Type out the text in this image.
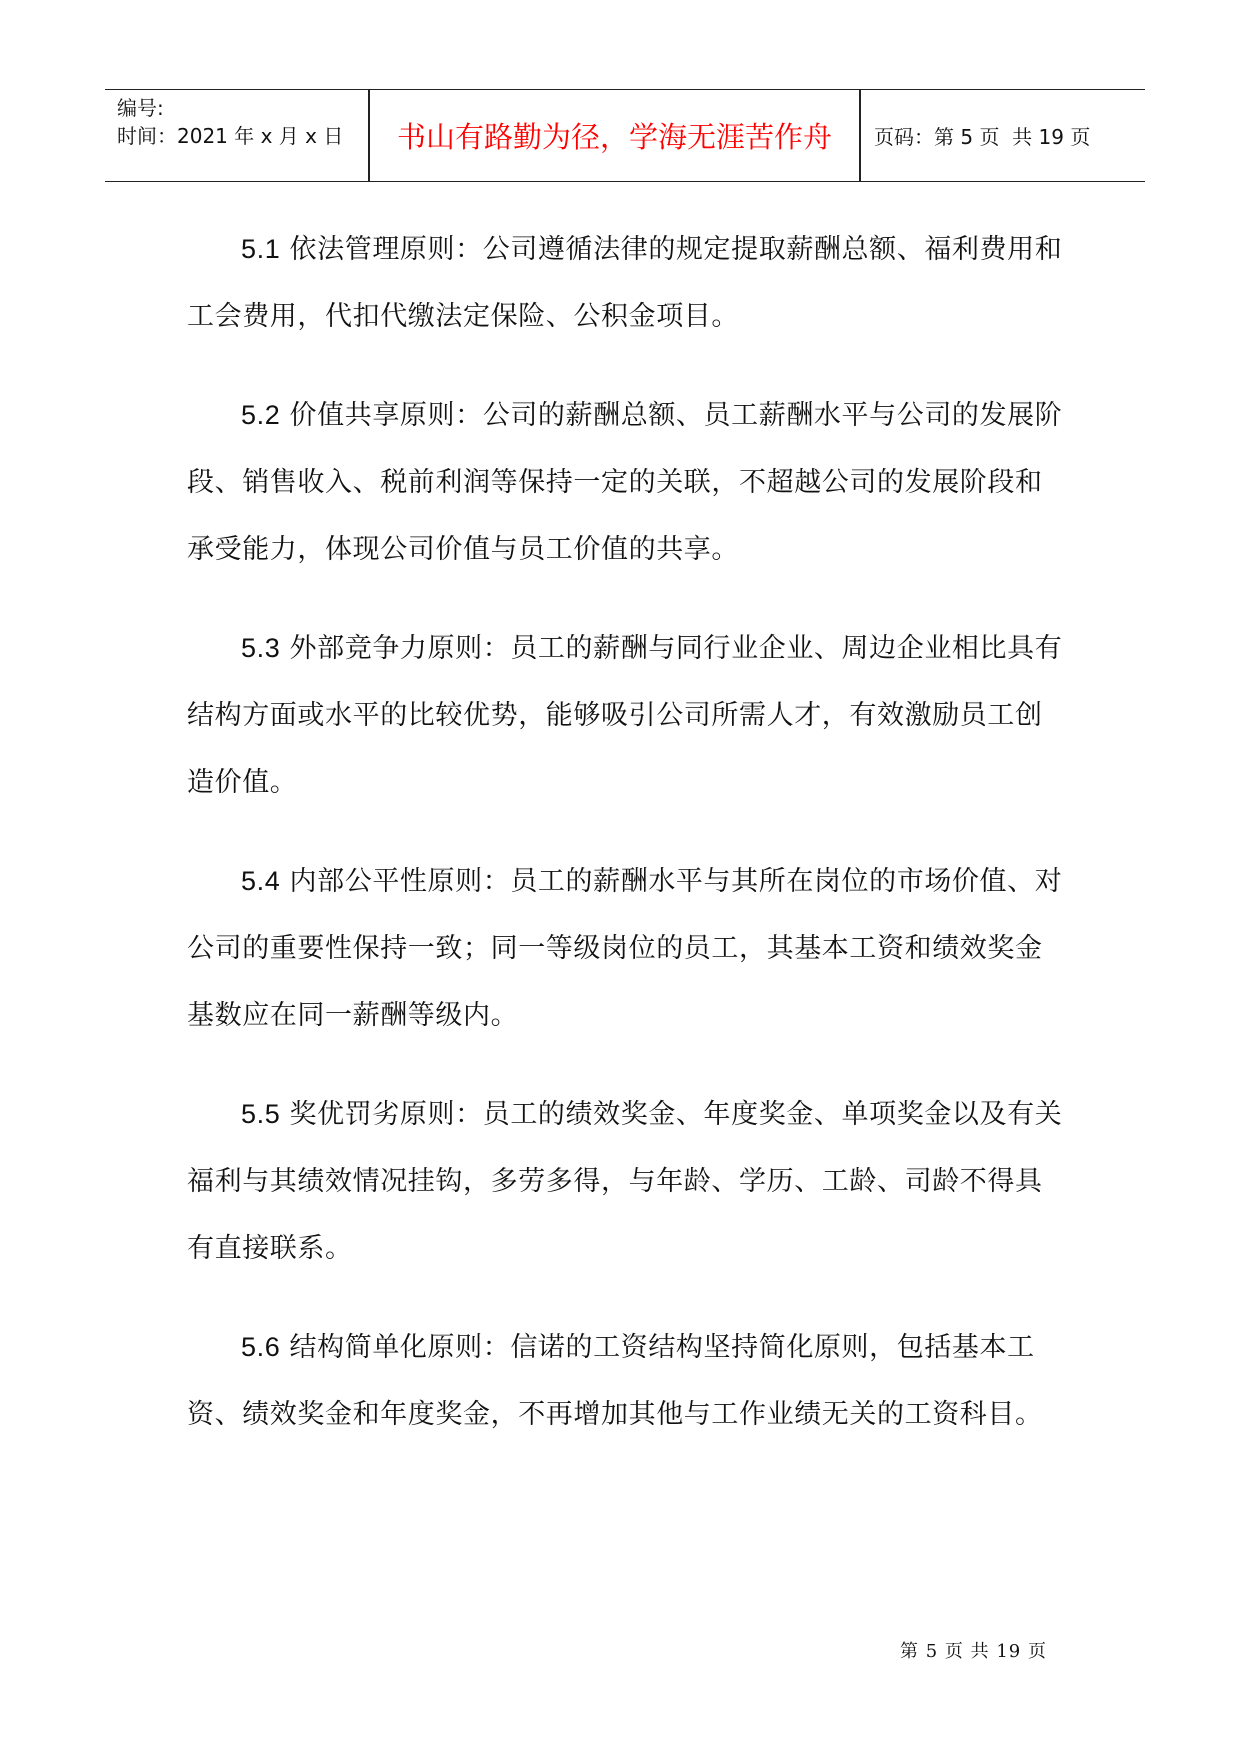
编号:
时间：2021 年 x 月 x 日	书山有路勤为径，学海无涯苦作舟	页码：第 5 页  共 19 页

5.1 依法管理原则：公司遵循法律的规定提取薪酬总额、福利费用和工会费用，代扣代缴法定保险、公积金项目。

5.2 价值共享原则：公司的薪酬总额、员工薪酬水平与公司的发展阶段、销售收入、税前利润等保持一定的关联，不超越公司的发展阶段和承受能力，体现公司价值与员工价值的共享。

5.3 外部竞争力原则：员工的薪酬与同行业企业、周边企业相比具有结构方面或水平的比较优势，能够吸引公司所需人才，有效激励员工创造价值。

5.4 内部公平性原则：员工的薪酬水平与其所在岗位的市场价值、对公司的重要性保持一致；同一等级岗位的员工，其基本工资和绩效奖金基数应在同一薪酬等级内。

5.5 奖优罚劣原则：员工的绩效奖金、年度奖金、单项奖金以及有关福利与其绩效情况挂钩，多劳多得，与年龄、学历、工龄、司龄不得具有直接联系。

5.6 结构简单化原则：信诺的工资结构坚持简化原则，包括基本工资、绩效奖金和年度奖金，不再增加其他与工作业绩无关的工资科目。

第 5 页 共 19 页
